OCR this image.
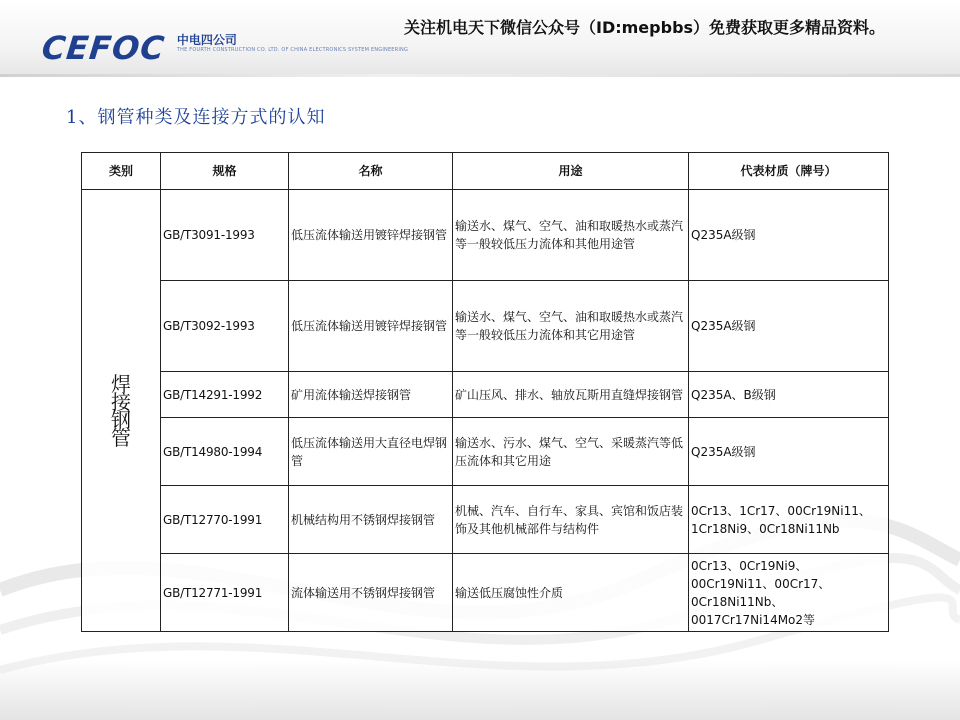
CEFOC 中电四公司
THE FOURTH CONSTRUCTION CO. LTD. OF CHINA ELECTRONICS SYSTEM ENGINEERING
关注机电天下微信公众号（ID:mepbbs）免费获取更多精品资料。
1、钢管种类及连接方式的认知
类别	规格	名称	用途	代表材质（牌号）
焊接钢管	GB/T3091-1993	低压流体输送用镀锌焊接钢管	输送水、煤气、空气、油和取暖热水或蒸汽等一般较低压力流体和其他用途管	Q235A级钢
	GB/T3092-1993	低压流体输送用镀锌焊接钢管	输送水、煤气、空气、油和取暖热水或蒸汽等一般较低压力流体和其它用途管	Q235A级钢
	GB/T14291-1992	矿用流体输送焊接钢管	矿山压风、排水、轴放瓦斯用直缝焊接钢管	Q235A、B级钢
	GB/T14980-1994	低压流体输送用大直径电焊钢管	输送水、污水、煤气、空气、采暖蒸汽等低压流体和其它用途	Q235A级钢
	GB/T12770-1991	机械结构用不锈钢焊接钢管	机械、汽车、自行车、家具、宾馆和饭店装饰及其他机械部件与结构件	0Cr13、1Cr17、00Cr19Ni11、1Cr18Ni9、0Cr18Ni11Nb
	GB/T12771-1991	流体输送用不锈钢焊接钢管	输送低压腐蚀性介质	0Cr13、0Cr19Ni9、00Cr19Ni11、00Cr17、0Cr18Ni11Nb、0017Cr17Ni14Mo2等
